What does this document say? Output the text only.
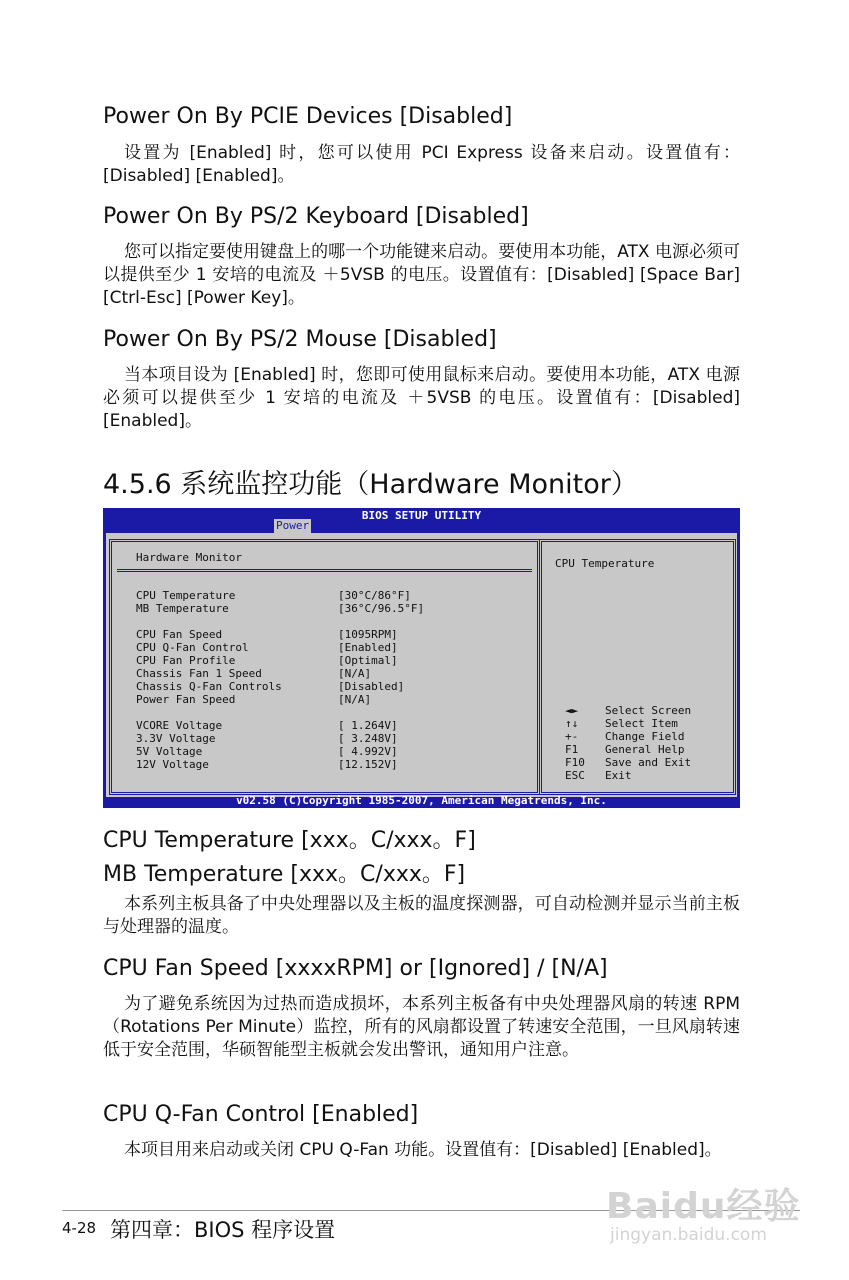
Power On By PCIE Devices [Disabled]

设置为 [Enabled] 时，您可以使用 PCI Express 设备来启动。设置值有：[Disabled] [Enabled]。

Power On By PS/2 Keyboard [Disabled]

您可以指定要使用键盘上的哪一个功能键来启动。要使用本功能，ATX 电源必须可以提供至少 1 安培的电流及 ＋5VSB 的电压。设置值有：[Disabled] [Space Bar] [Ctrl-Esc] [Power Key]。

Power On By PS/2 Mouse [Disabled]

当本项目设为 [Enabled] 时，您即可使用鼠标来启动。要使用本功能，ATX 电源必须可以提供至少 1 安培的电流及 ＋5VSB 的电压。设置值有：[Disabled] [Enabled]。

4.5.6 系统监控功能（Hardware Monitor）
BIOS SETUP UTILITY
Power
Hardware Monitor
CPU Temperature	[30°C/86°F]
MB Temperature	[36°C/96.5°F]
CPU Fan Speed	[1095RPM]
CPU Q-Fan Control	[Enabled]
CPU Fan Profile	[Optimal]
Chassis Fan 1 Speed	[N/A]
Chassis Q-Fan Controls	[Disabled]
Power Fan Speed	[N/A]
VCORE Voltage	[ 1.264V]
3.3V Voltage	[ 3.248V]
5V Voltage	[ 4.992V]
12V Voltage	[12.152V]
CPU Temperature
◄► Select Screen
↑↓ Select Item
+- Change Field
F1 General Help
F10 Save and Exit
ESC Exit
v02.58 (C)Copyright 1985-2007, American Megatrends, Inc.
CPU Temperature [xxx。C/xxx。F]
MB Temperature [xxx。C/xxx。F]

本系列主板具备了中央处理器以及主板的温度探测器，可自动检测并显示当前主板与处理器的温度。

CPU Fan Speed [xxxxRPM] or [Ignored] / [N/A]

为了避免系统因为过热而造成损坏，本系列主板备有中央处理器风扇的转速 RPM（Rotations Per Minute）监控，所有的风扇都设置了转速安全范围，一旦风扇转速低于安全范围，华硕智能型主板就会发出警讯，通知用户注意。

CPU Q-Fan Control [Enabled]

本项目用来启动或关闭 CPU Q-Fan 功能。设置值有：[Disabled] [Enabled]。

4-28 第四章：BIOS 程序设置
Baidu经验
jingyan.baidu.com
